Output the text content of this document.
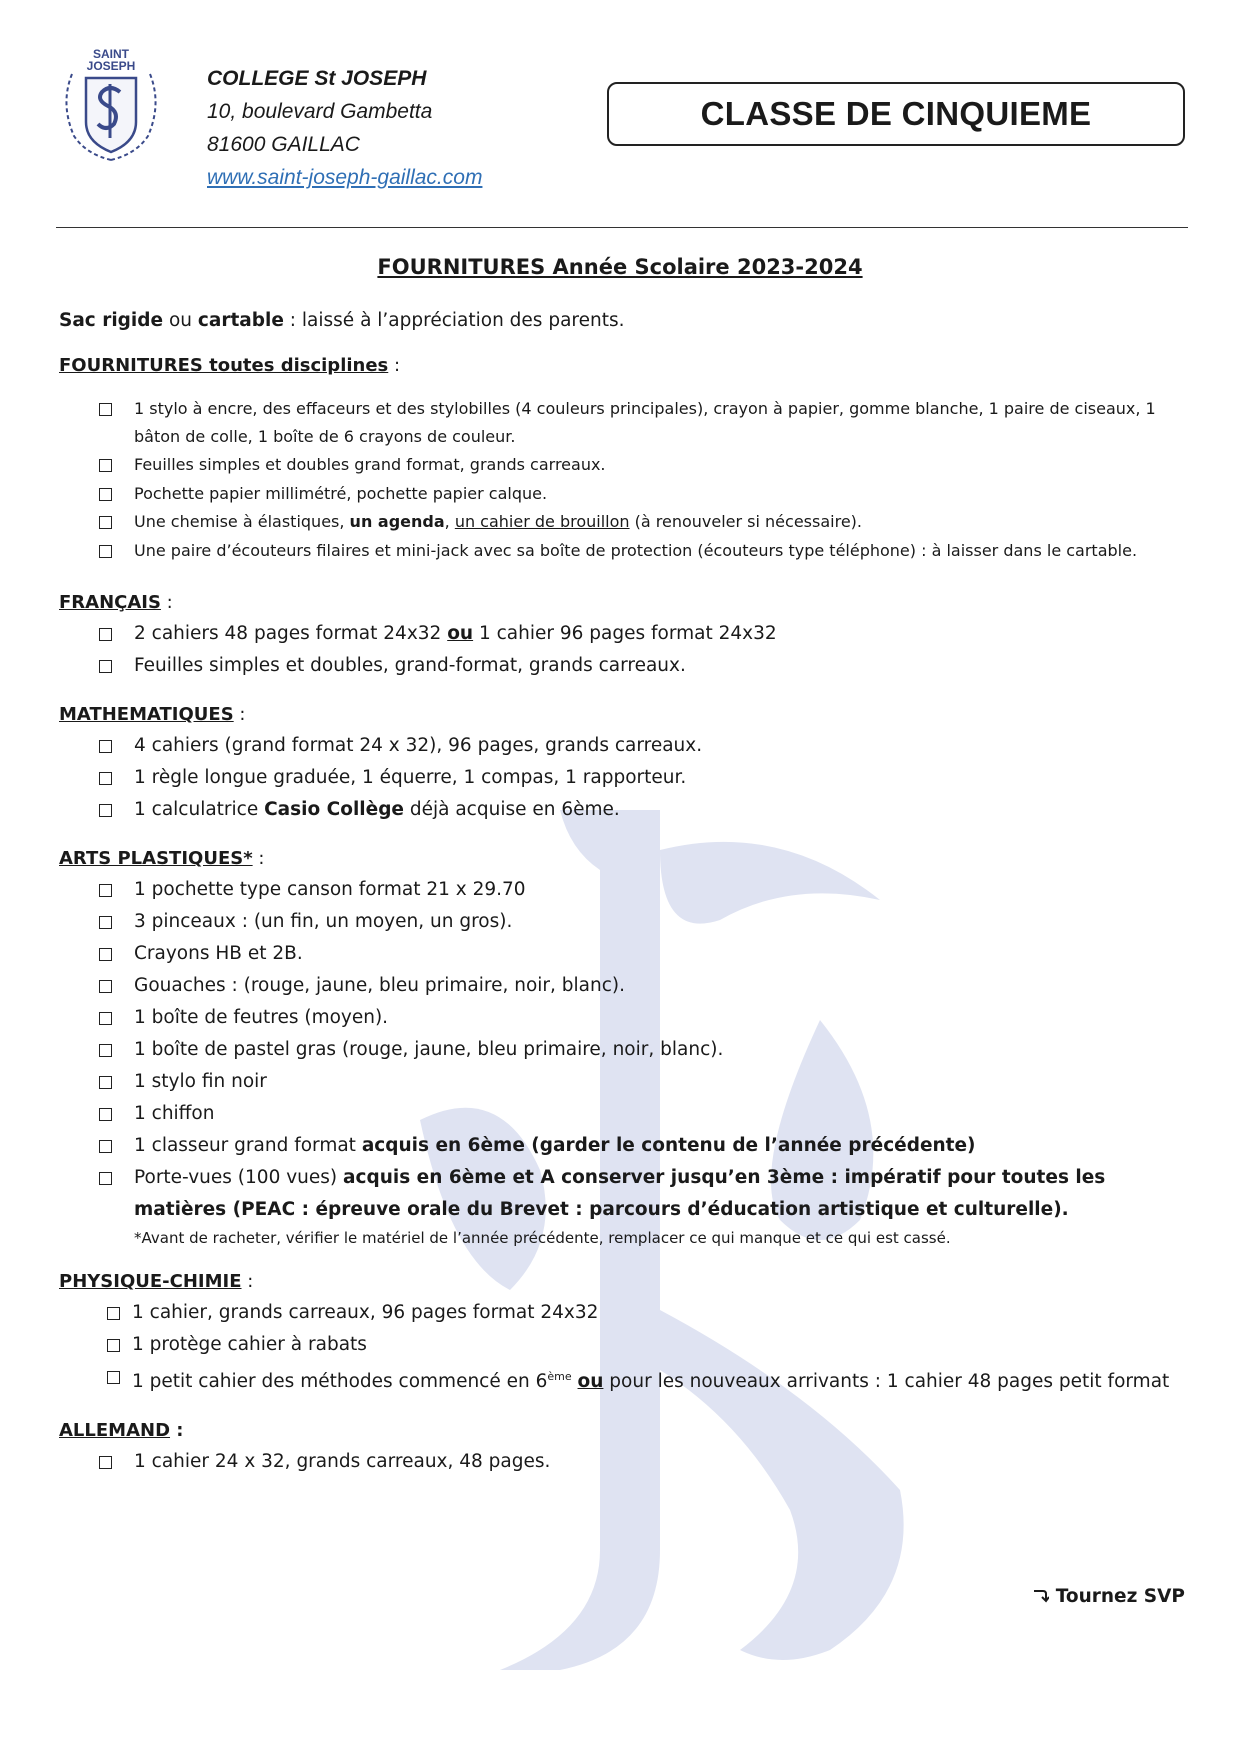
SAINT
JOSEPH
COLLEGE St JOSEPH
10, boulevard Gambetta
81600 GAILLAC
www.saint-joseph-gaillac.com
CLASSE DE CINQUIEME
FOURNITURES Année Scolaire 2023-2024

Sac rigide ou cartable : laissé à l’appréciation des parents.

FOURNITURES toutes disciplines :

1 stylo à encre, des effaceurs et des stylobilles (4 couleurs principales), crayon à papier, gomme blanche, 1 paire de ciseaux, 1 bâton de colle, 1 boîte de 6 crayons de couleur.
Feuilles simples et doubles grand format, grands carreaux.
Pochette papier millimétré, pochette papier calque.
Une chemise à élastiques, un agenda, un cahier de brouillon (à renouveler si nécessaire).
Une paire d’écouteurs filaires et mini-jack avec sa boîte de protection (écouteurs type téléphone) : à laisser dans le cartable.

FRANÇAIS :

2 cahiers 48 pages format 24x32 ou 1 cahier 96 pages format 24x32
Feuilles simples et doubles, grand-format, grands carreaux.

MATHEMATIQUES :

4 cahiers (grand format 24 x 32), 96 pages, grands carreaux.
1 règle longue graduée, 1 équerre, 1 compas, 1 rapporteur.
1 calculatrice Casio Collège déjà acquise en 6ème.

ARTS PLASTIQUES* :

1 pochette type canson format 21 x 29.70
3 pinceaux : (un fin, un moyen, un gros).
Crayons HB et 2B.
Gouaches : (rouge, jaune, bleu primaire, noir, blanc).
1 boîte de feutres (moyen).
1 boîte de pastel gras (rouge, jaune, bleu primaire, noir, blanc).
1 stylo fin noir
1 chiffon
1 classeur grand format acquis en 6ème (garder le contenu de l’année précédente)
Porte-vues (100 vues) acquis en 6ème et A conserver jusqu’en 3ème : impératif pour toutes les matières (PEAC : épreuve orale du Brevet : parcours d’éducation artistique et culturelle).

*Avant de racheter, vérifier le matériel de l’année précédente, remplacer ce qui manque et ce qui est cassé.

PHYSIQUE-CHIMIE :

1 cahier, grands carreaux, 96 pages format 24x32
1 protège cahier à rabats
1 petit cahier des méthodes commencé en 6ème ou pour les nouveaux arrivants : 1 cahier 48 pages petit format

ALLEMAND :

1 cahier 24 x 32, grands carreaux, 48 pages.
Tournez SVP
